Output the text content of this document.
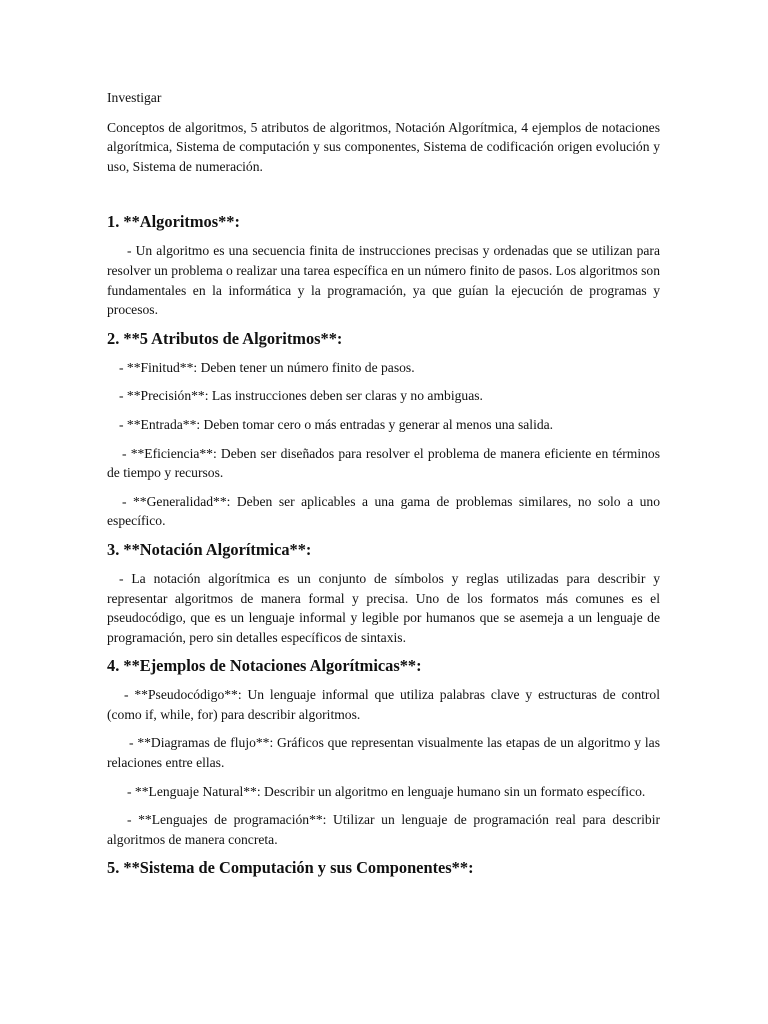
Investigar

Conceptos de algoritmos, 5 atributos de algoritmos, Notación Algorítmica, 4 ejemplos de notaciones algorítmica, Sistema de computación y sus componentes, Sistema de codificación origen evolución y uso, Sistema de numeración.

1. **Algoritmos**:

- Un algoritmo es una secuencia finita de instrucciones precisas y ordenadas que se utilizan para resolver un problema o realizar una tarea específica en un número finito de pasos. Los algoritmos son fundamentales en la informática y la programación, ya que guían la ejecución de programas y procesos.

2. **5 Atributos de Algoritmos**:

- **Finitud**: Deben tener un número finito de pasos.

- **Precisión**: Las instrucciones deben ser claras y no ambiguas.

- **Entrada**: Deben tomar cero o más entradas y generar al menos una salida.

- **Eficiencia**: Deben ser diseñados para resolver el problema de manera eficiente en términos de tiempo y recursos.

- **Generalidad**: Deben ser aplicables a una gama de problemas similares, no solo a uno específico.

3. **Notación Algorítmica**:

- La notación algorítmica es un conjunto de símbolos y reglas utilizadas para describir y representar algoritmos de manera formal y precisa. Uno de los formatos más comunes es el pseudocódigo, que es un lenguaje informal y legible por humanos que se asemeja a un lenguaje de programación, pero sin detalles específicos de sintaxis.

4. **Ejemplos de Notaciones Algorítmicas**:

- **Pseudocódigo**: Un lenguaje informal que utiliza palabras clave y estructuras de control (como if, while, for) para describir algoritmos.

- **Diagramas de flujo**: Gráficos que representan visualmente las etapas de un algoritmo y las relaciones entre ellas.

- **Lenguaje Natural**: Describir un algoritmo en lenguaje humano sin un formato específico.

- **Lenguajes de programación**: Utilizar un lenguaje de programación real para describir algoritmos de manera concreta.

5. **Sistema de Computación y sus Componentes**:
